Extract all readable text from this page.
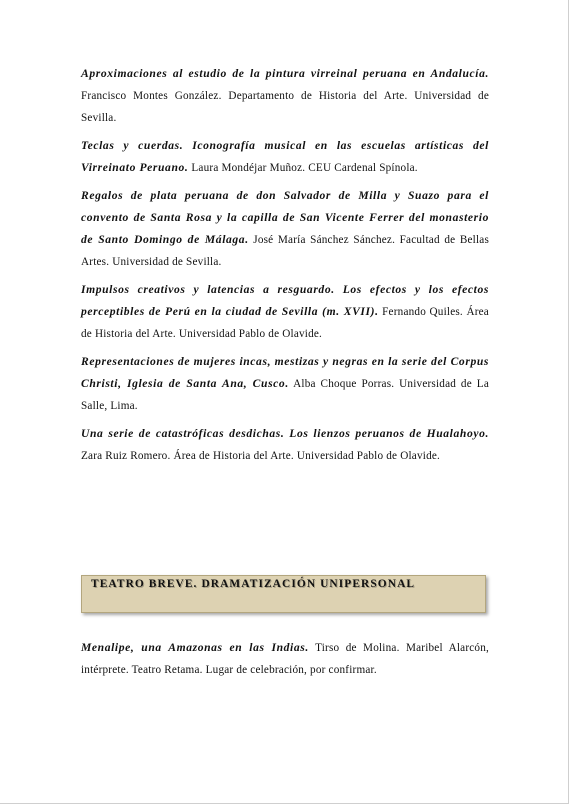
Aproximaciones al estudio de la pintura virreinal peruana en Andalucía. Francisco Montes González. Departamento de Historia del Arte. Universidad de Sevilla.

Teclas y cuerdas. Iconografía musical en las escuelas artísticas del Virreinato Peruano. Laura Mondéjar Muñoz. CEU Cardenal Spínola.

Regalos de plata peruana de don Salvador de Milla y Suazo para el convento de Santa Rosa y la capilla de San Vicente Ferrer del monasterio de Santo Domingo de Málaga. José María Sánchez Sánchez. Facultad de Bellas Artes. Universidad de Sevilla.

Impulsos creativos y latencias a resguardo. Los efectos y los efectos perceptibles de Perú en la ciudad de Sevilla (m. XVII). Fernando Quiles. Área de Historia del Arte. Universidad Pablo de Olavide.

Representaciones de mujeres incas, mestizas y negras en la serie del Corpus Christi, Iglesia de Santa Ana, Cusco. Alba Choque Porras. Universidad de La Salle, Lima.

Una serie de catastróficas desdichas. Los lienzos peruanos de Hualahoyo. Zara Ruiz Romero. Área de Historia del Arte. Universidad Pablo de Olavide.

TEATRO BREVE. DRAMATIZACIÓN UNIPERSONAL

Menalipe, una Amazonas en las Indias. Tirso de Molina. Maribel Alarcón, intérprete. Teatro Retama. Lugar de celebración, por confirmar.
